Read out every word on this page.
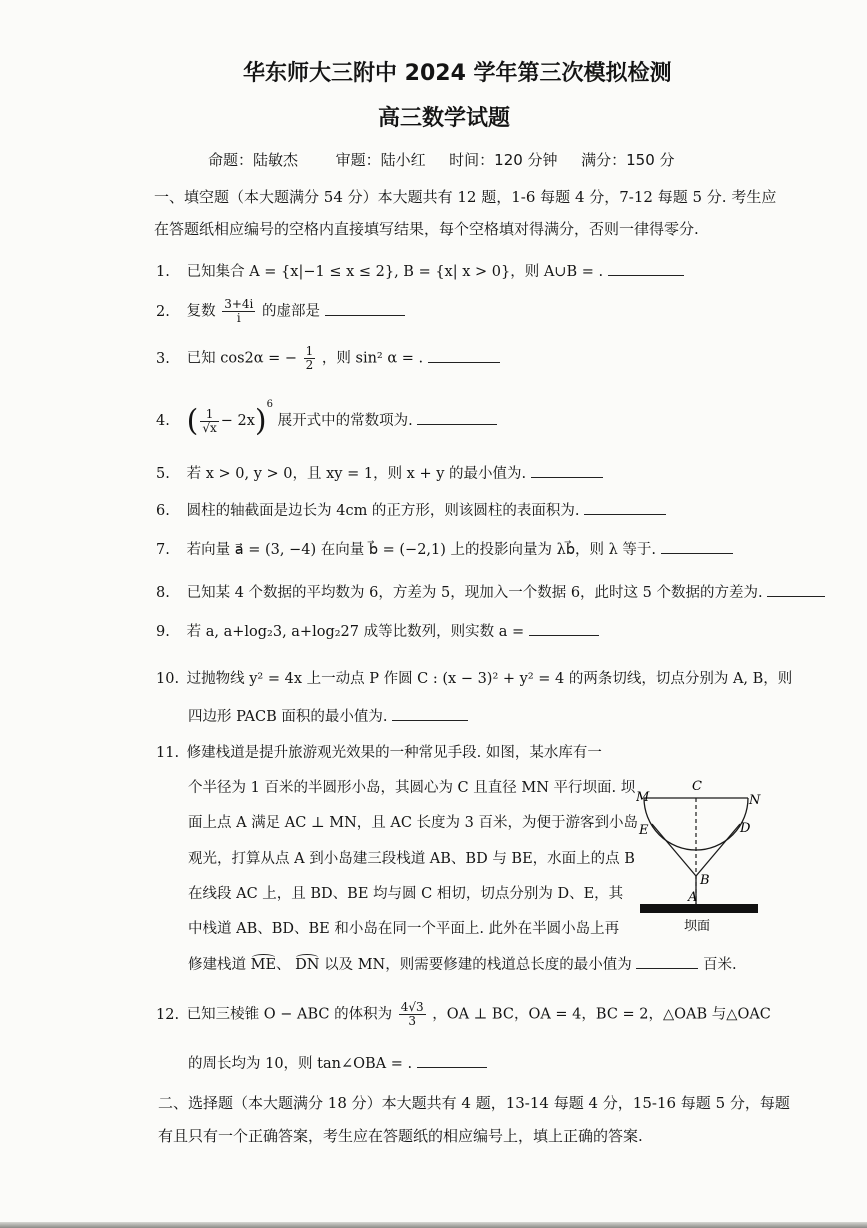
华东师大三附中 2024 学年第三次模拟检测
高三数学试题
命题：陆敏杰	审题：陆小红 时间：120 分钟 满分：150 分
一、填空题（本大题满分 54 分）本大题共有 12 题，1-6 每题 4 分，7-12 每题 5 分. 考生应
在答题纸相应编号的空格内直接填写结果，每个空格填对得满分，否则一律得零分.
1. 已知集合 A = {x|−1 ≤ x ≤ 2}, B = {x| x > 0}，则 A∪B = .
2. 复数 $\frac{3+4i}{i}$ 的虚部是
3. 已知 cos2α = − $\frac{1}{2}$ ，则 sin² α = .
4. ( $\frac{1}{√x} - 2x)^6$ 展开式中的常数项为.
5. 若 x > 0, y > 0，且 xy = 1，则 x + y 的最小值为.
6. 圆柱的轴截面是边长为 4cm 的正方形，则该圆柱的表面积为.
7. 若向量 a⃗ = (3, −4) 在向量 b⃗ = (−2,1) 上的投影向量为 λb⃗，则 λ 等于.
8. 已知某 4 个数据的平均数为 6，方差为 5，现加入一个数据 6，此时这 5 个数据的方差为.
9. 若 a, a+log₂3, a+log₂27 成等比数列，则实数 a =
10. 过抛物线 y² = 4x 上一动点 P 作圆 C : (x − 3)² + y² = 4 的两条切线，切点分别为 A, B，则
四边形 PACB 面积的最小值为.
11. 修建栈道是提升旅游观光效果的一种常见手段. 如图，某水库有一
个半径为 1 百米的半圆形小岛，其圆心为 C 且直径 MN 平行坝面. 坝
面上点 A 满足 AC ⊥ MN，且 AC 长度为 3 百米，为便于游客到小岛
观光，打算从点 A 到小岛建三段栈道 AB、BD 与 BE，水面上的点 B
在线段 AC 上，且 BD、BE 均与圆 C 相切，切点分别为 D、E，其
中栈道 AB、BD、BE 和小岛在同一个平面上. 此外在半圆小岛上再
修建栈道 ME、 DN 以及 MN，则需要修建的栈道总长度的最小值为	百米.
M
C
N
E	D
B
A
坝面
12. 已知三棱锥 O − ABC 的体积为 $\frac{4√3}{3}$ ，OA ⊥ BC，OA = 4，BC = 2，△OAB 与△OAC
的周长均为 10，则 tan∠OBA = .
二、选择题（本大题满分 18 分）本大题共有 4 题，13-14 每题 4 分，15-16 每题 5 分，每题
有且只有一个正确答案，考生应在答题纸的相应编号上，填上正确的答案.
